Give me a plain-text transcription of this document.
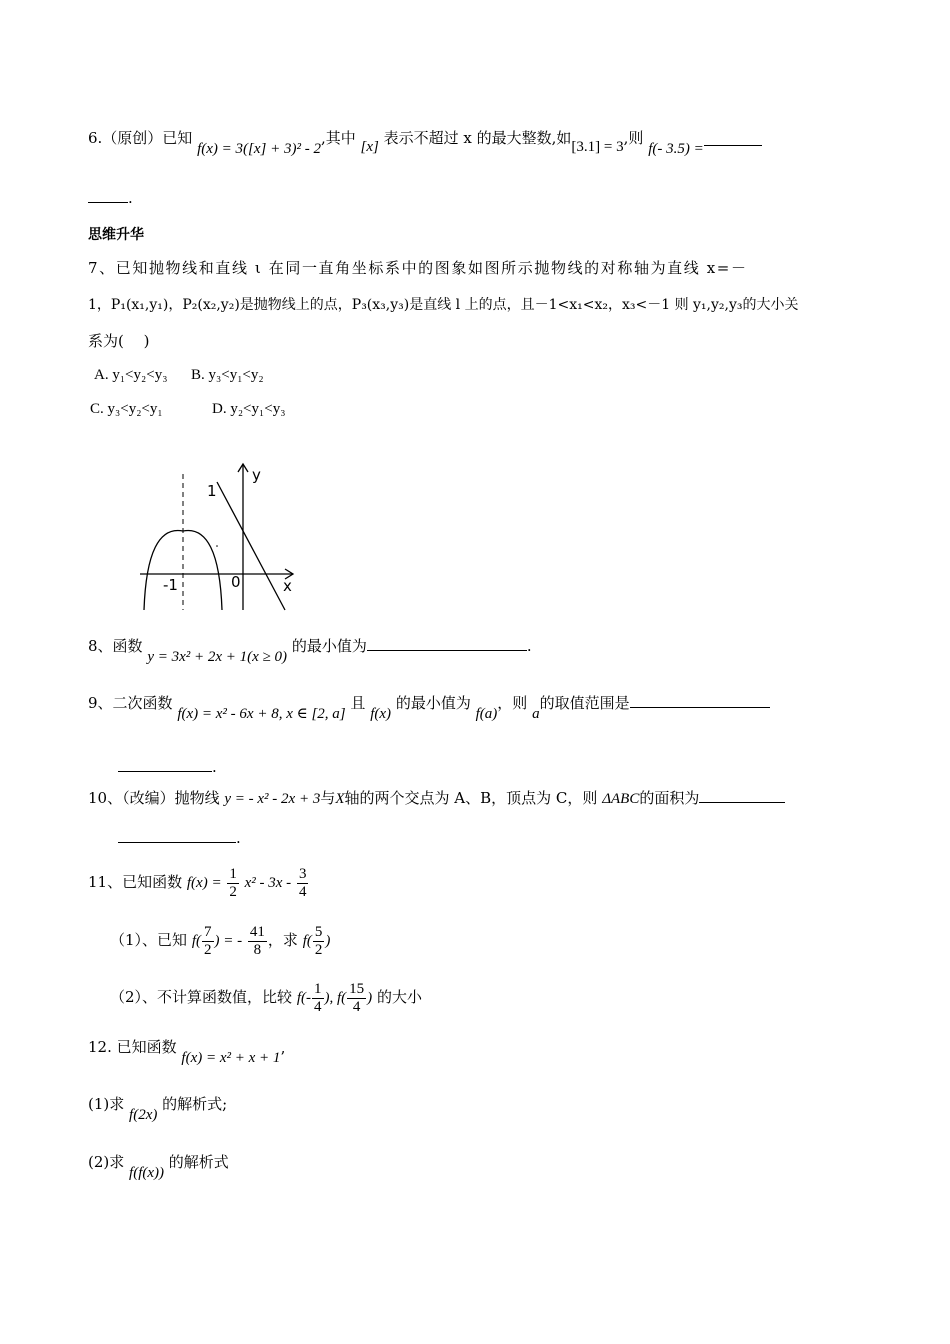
6.（原创）已知 f(x) = 3([x] + 3)² - 2,其中 [x] 表示不超过 x 的最大整数,如[3.1] = 3,则 f(- 3.5) =
.
思维升华
7、已知抛物线和直线 ι 在同一直角坐标系中的图象如图所示抛物线的对称轴为直线 x=－
1，P₁(x₁,y₁)，P₂(x₂,y₂)是抛物线上的点，P₃(x₃,y₃)是直线 l 上的点，且－1<x₁<x₂，x₃<－1 则 y₁,y₂,y₃的大小关
系为(　 )
A. y₁<y₂<y₃ B. y₃<y₁<y₂
C. y₃<y₂<y₁	D. y₂<y₁<y₃
1
y
x
-1	0
8、函数 y = 3x² + 2x + 1(x ≥ 0) 的最小值为	.
9、二次函数 f(x) = x² - 6x + 8, x ∈ [2, a] 且 f(x) 的最小值为 f(a)，则 a的取值范围是
.
10、（改编）抛物线 y = - x² - 2x + 3与X轴的两个交点为 A、B，顶点为 C，则 ΔABC的面积为
.
11、已知函数 $f(x) = \frac{1}{2} x^2 - 3x - \frac{3}{4}$
（1）、已知 $f( \frac{7}{2}$ ) = - $\frac{41}{8}$ ，求 $f( \frac{5}{2}$ )
（2）、不计算函数值，比较 $f(- \frac{1}{4}$ ), $f( \frac{15}{4}$ ) 的大小
12. 已知函数 f(x) = x² + x + 1’
(1)求 f(2x) 的解析式;
(2)求 f(f(x)) 的解析式
